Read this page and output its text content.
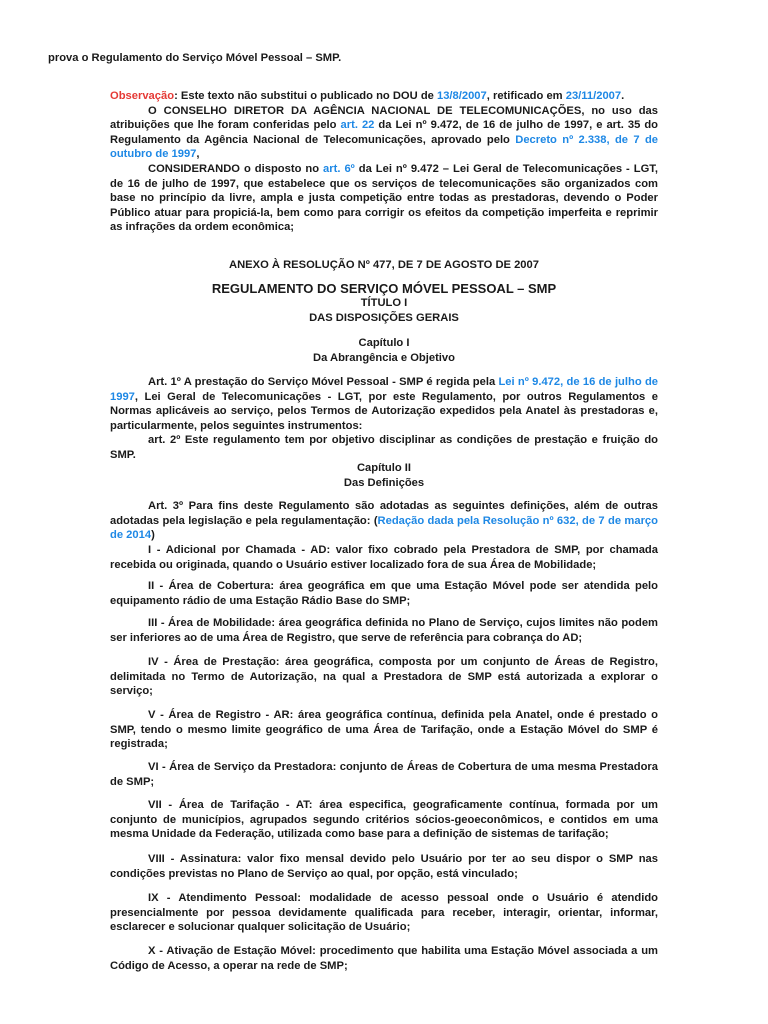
prova o Regulamento do Serviço Móvel Pessoal – SMP.

Observação: Este texto não substitui o publicado no DOU de 13/8/2007, retificado em 23/11/2007.

O CONSELHO DIRETOR DA AGÊNCIA NACIONAL DE TELECOMUNICAÇÕES, no uso das atribuições que lhe foram conferidas pelo art. 22 da Lei nº 9.472, de 16 de julho de 1997, e art. 35 do Regulamento da Agência Nacional de Telecomunicações, aprovado pelo Decreto nº 2.338, de 7 de outubro de 1997,

CONSIDERANDO o disposto no art. 6º da Lei nº 9.472 – Lei Geral de Telecomunicações - LGT, de 16 de julho de 1997, que estabelece que os serviços de telecomunicações são organizados com base no princípio da livre, ampla e justa competição entre todas as prestadoras, devendo o Poder Público atuar para propiciá-la, bem como para corrigir os efeitos da competição imperfeita e reprimir as infrações da ordem econômica;

ANEXO À RESOLUÇÃO Nº 477, DE 7 DE AGOSTO DE 2007
REGULAMENTO DO SERVIÇO MÓVEL PESSOAL – SMP
TÍTULO I
DAS DISPOSIÇÕES GERAIS
Capítulo I
Da Abrangência e Objetivo

Art. 1º A prestação do Serviço Móvel Pessoal - SMP é regida pela Lei nº 9.472, de 16 de julho de 1997, Lei Geral de Telecomunicações - LGT, por este Regulamento, por outros Regulamentos e Normas aplicáveis ao serviço, pelos Termos de Autorização expedidos pela Anatel às prestadoras e, particularmente, pelos seguintes instrumentos:

art. 2º Este regulamento tem por objetivo disciplinar as condições de prestação e fruição do SMP.

Capítulo II
Das Definições

Art. 3º Para fins deste Regulamento são adotadas as seguintes definições, além de outras adotadas pela legislação e pela regulamentação: (Redação dada pela Resolução nº 632, de 7 de março de 2014)

I - Adicional por Chamada - AD: valor fixo cobrado pela Prestadora de SMP, por chamada recebida ou originada, quando o Usuário estiver localizado fora de sua Área de Mobilidade;

II - Área de Cobertura: área geográfica em que uma Estação Móvel pode ser atendida pelo equipamento rádio de uma Estação Rádio Base do SMP;

III - Área de Mobilidade: área geográfica definida no Plano de Serviço, cujos limites não podem ser inferiores ao de uma Área de Registro, que serve de referência para cobrança do AD;

IV - Área de Prestação: área geográfica, composta por um conjunto de Áreas de Registro, delimitada no Termo de Autorização, na qual a Prestadora de SMP está autorizada a explorar o serviço;

V - Área de Registro - AR: área geográfica contínua, definida pela Anatel, onde é prestado o SMP, tendo o mesmo limite geográfico de uma Área de Tarifação, onde a Estação Móvel do SMP é registrada;

VI - Área de Serviço da Prestadora: conjunto de Áreas de Cobertura de uma mesma Prestadora de SMP;

VII - Área de Tarifação - AT: área especifica, geograficamente contínua, formada por um conjunto de municípios, agrupados segundo critérios sócios-geoeconômicos, e contidos em uma mesma Unidade da Federação, utilizada como base para a definição de sistemas de tarifação;

VIII - Assinatura: valor fixo mensal devido pelo Usuário por ter ao seu dispor o SMP nas condições previstas no Plano de Serviço ao qual, por opção, está vinculado;

IX - Atendimento Pessoal: modalidade de acesso pessoal onde o Usuário é atendido presencialmente por pessoa devidamente qualificada para receber, interagir, orientar, informar, esclarecer e solucionar qualquer solicitação de Usuário;

X - Ativação de Estação Móvel: procedimento que habilita uma Estação Móvel associada a um Código de Acesso, a operar na rede de SMP;
